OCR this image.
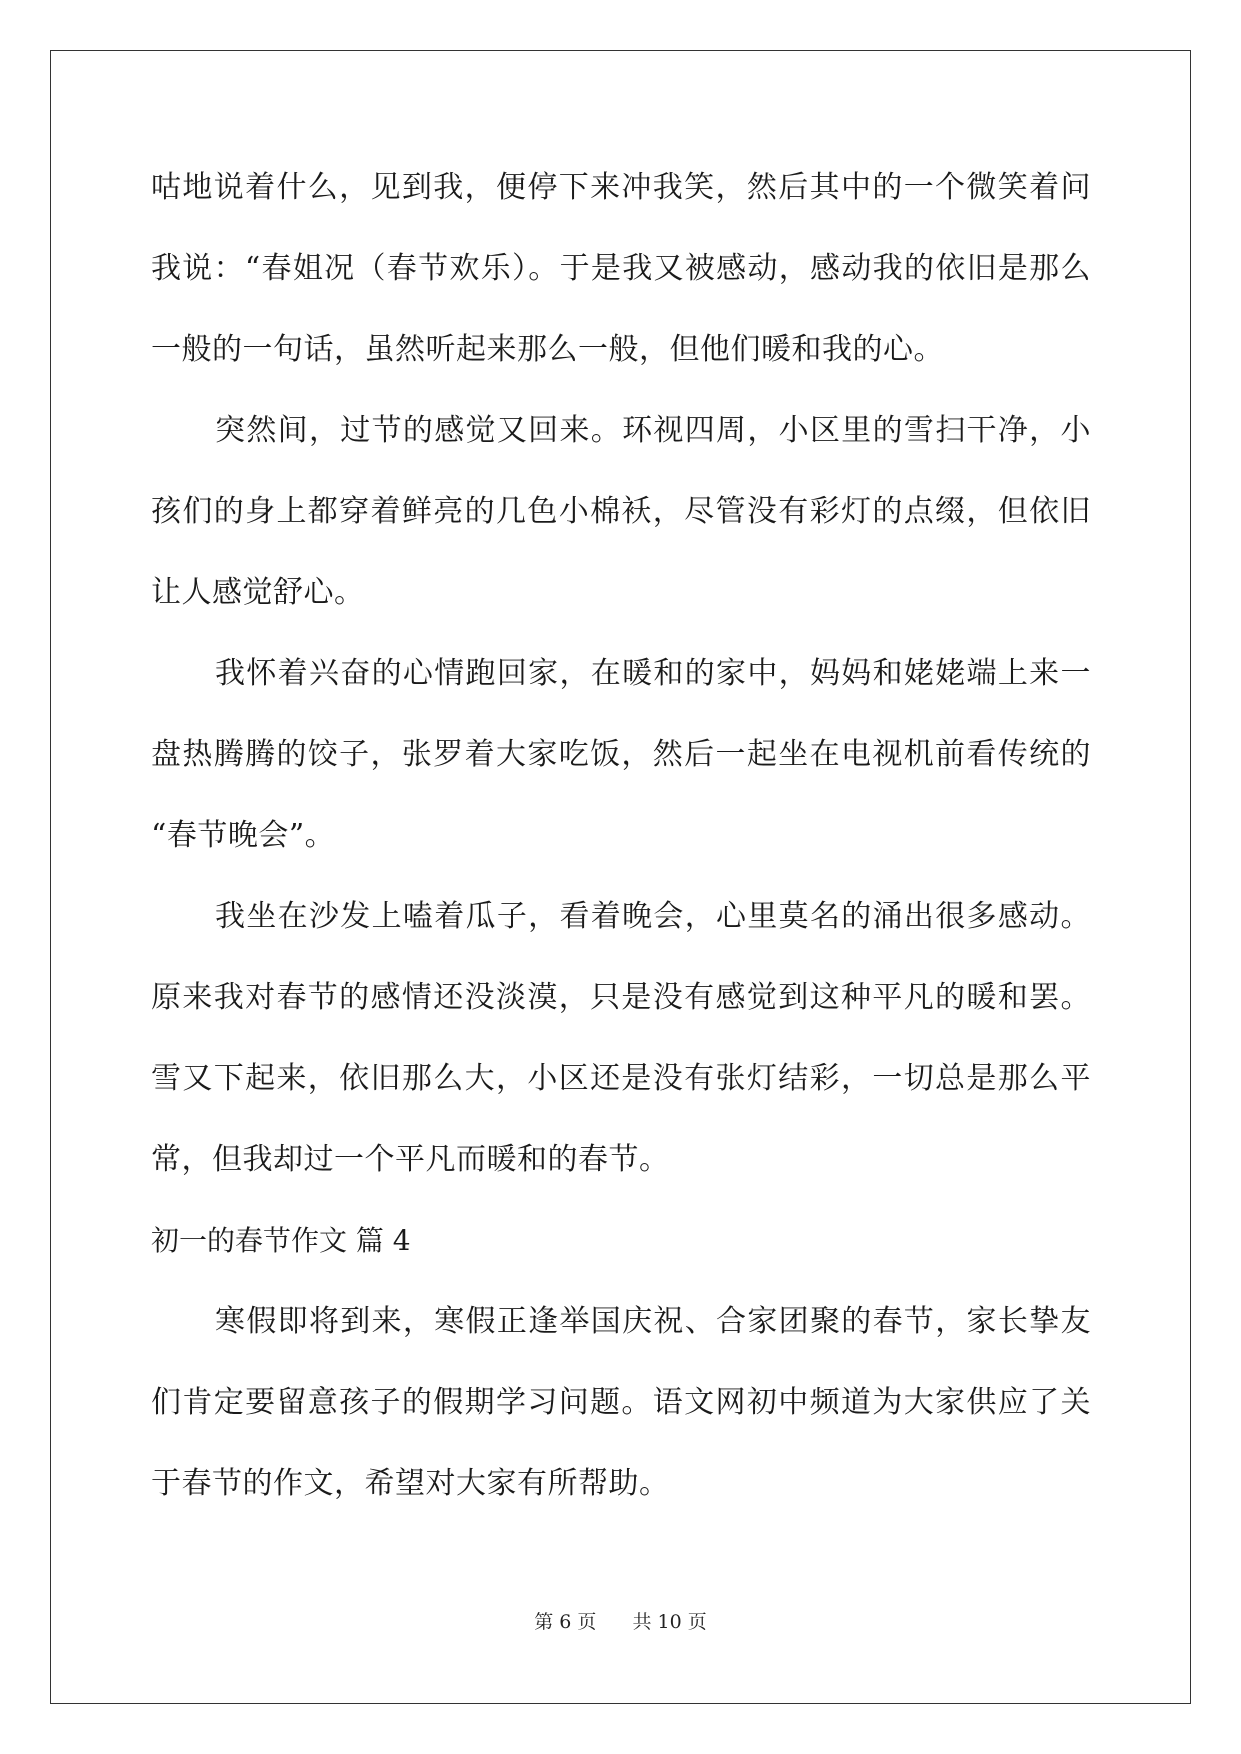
咕地说着什么，见到我，便停下来冲我笑，然后其中的一个微笑着问
我说：“春姐况（春节欢乐）。于是我又被感动，感动我的依旧是那么
一般的一句话，虽然听起来那么一般，但他们暖和我的心。
突然间，过节的感觉又回来。环视四周，小区里的雪扫干净，小
孩们的身上都穿着鲜亮的几色小棉袄，尽管没有彩灯的点缀，但依旧
让人感觉舒心。
我怀着兴奋的心情跑回家，在暖和的家中，妈妈和姥姥端上来一
盘热腾腾的饺子，张罗着大家吃饭，然后一起坐在电视机前看传统的
“春节晚会”。
我坐在沙发上嗑着瓜子，看着晚会，心里莫名的涌出很多感动。
原来我对春节的感情还没淡漠，只是没有感觉到这种平凡的暖和罢。
雪又下起来，依旧那么大，小区还是没有张灯结彩，一切总是那么平
常，但我却过一个平凡而暖和的春节。
初一的春节作文 篇 4
寒假即将到来，寒假正逢举国庆祝、合家团聚的春节，家长挚友
们肯定要留意孩子的假期学习问题。语文网初中频道为大家供应了关
于春节的作文，希望对大家有所帮助。
第 6 页 共 10 页
